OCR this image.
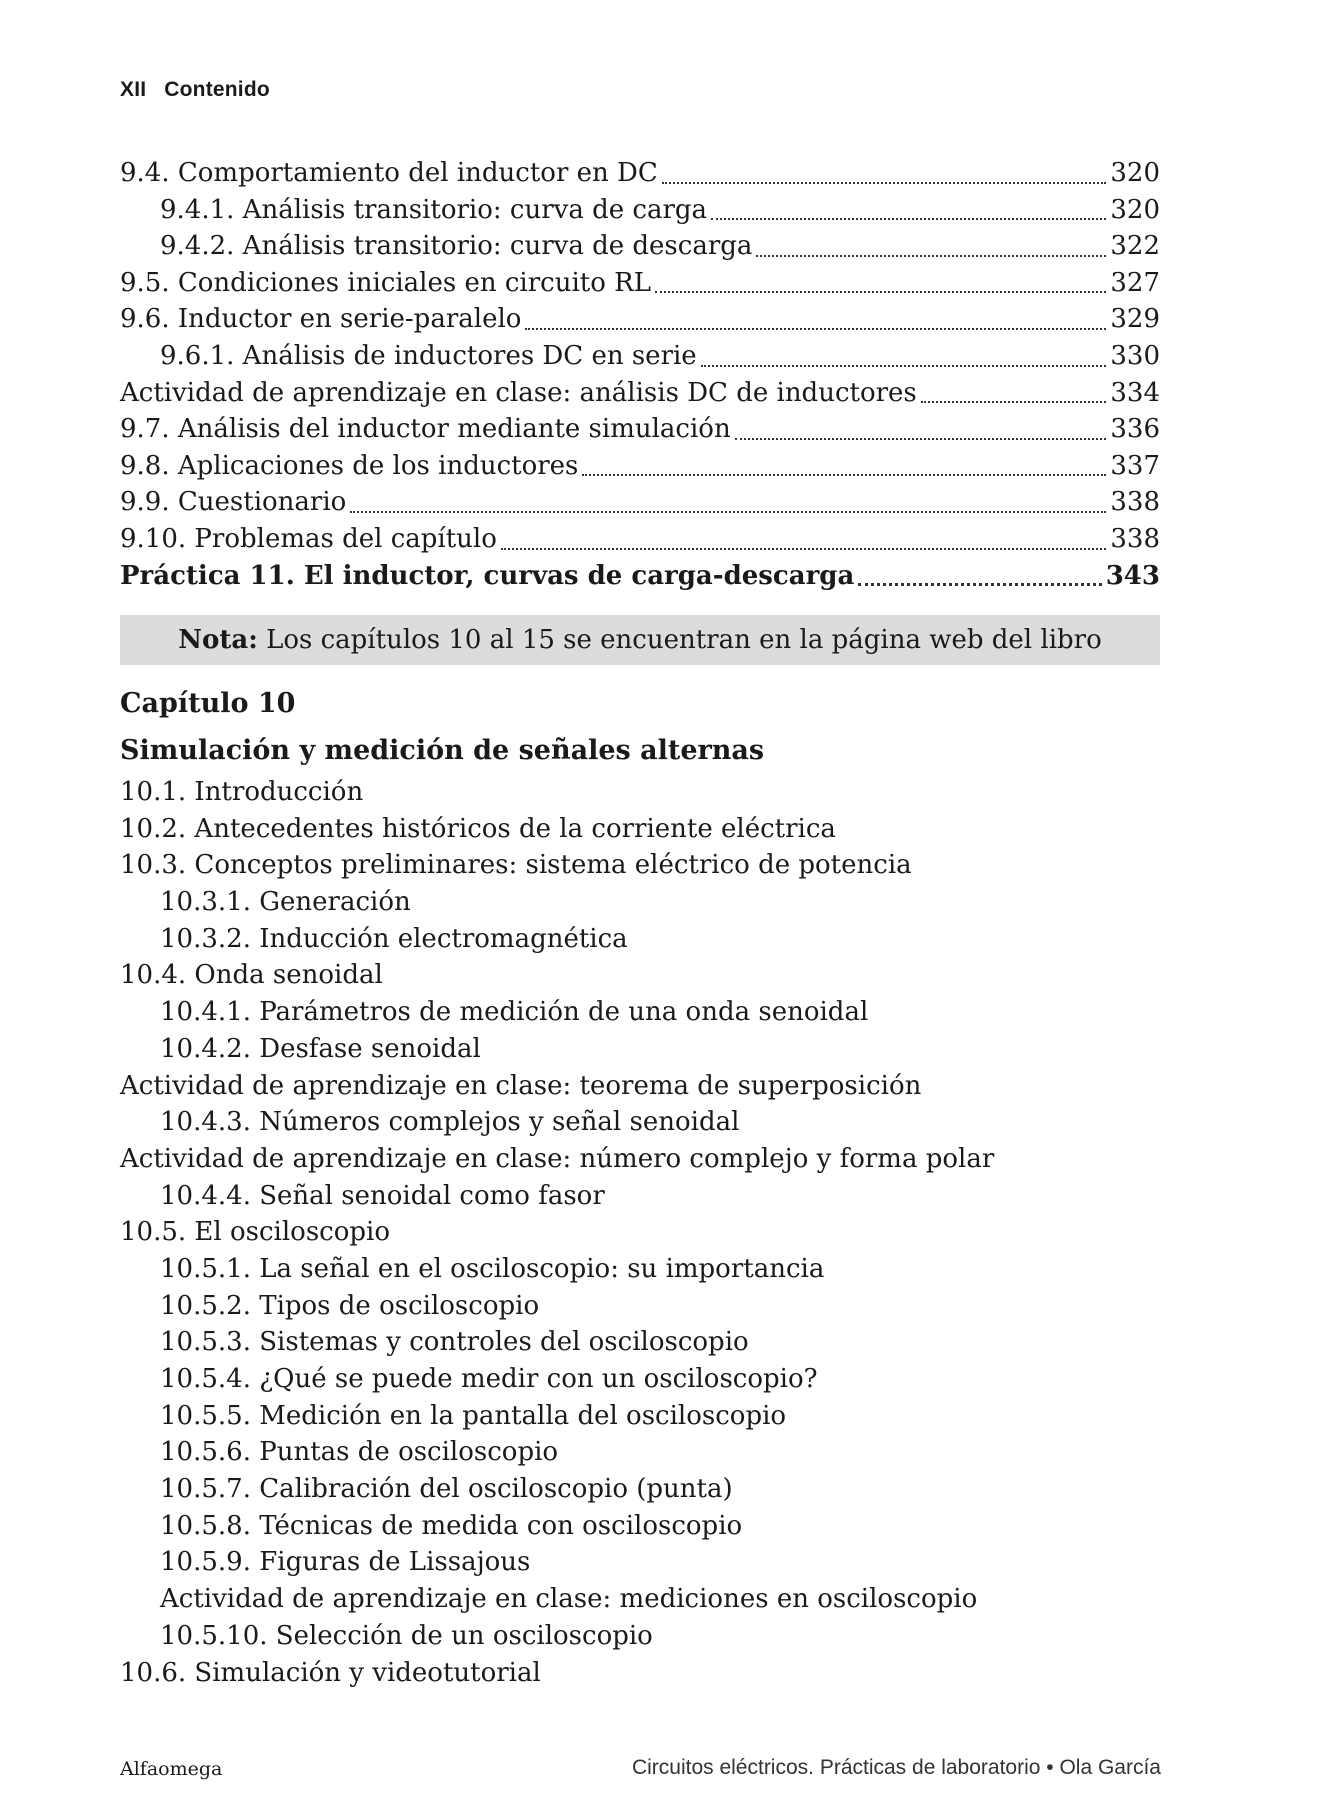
XII Contenido
9.4. Comportamiento del inductor en DC	320
9.4.1. Análisis transitorio: curva de carga	320
9.4.2. Análisis transitorio: curva de descarga	322
9.5. Condiciones iniciales en circuito RL	327
9.6. Inductor en serie-paralelo	329
9.6.1. Análisis de inductores DC en serie	330
Actividad de aprendizaje en clase: análisis DC de inductores	334
9.7. Análisis del inductor mediante simulación	336
9.8. Aplicaciones de los inductores	337
9.9. Cuestionario	338
9.10. Problemas del capítulo	338
Práctica 11. El inductor, curvas de carga-descarga	343
Nota: Los capítulos 10 al 15 se encuentran en la página web del libro
Capítulo 10
Simulación y medición de señales alternas
10.1. Introducción
10.2. Antecedentes históricos de la corriente eléctrica
10.3. Conceptos preliminares: sistema eléctrico de potencia
10.3.1. Generación
10.3.2. Inducción electromagnética
10.4. Onda senoidal
10.4.1. Parámetros de medición de una onda senoidal
10.4.2. Desfase senoidal
Actividad de aprendizaje en clase: teorema de superposición
10.4.3. Números complejos y señal senoidal
Actividad de aprendizaje en clase: número complejo y forma polar
10.4.4. Señal senoidal como fasor
10.5. El osciloscopio
10.5.1. La señal en el osciloscopio: su importancia
10.5.2. Tipos de osciloscopio
10.5.3. Sistemas y controles del osciloscopio
10.5.4. ¿Qué se puede medir con un osciloscopio?
10.5.5. Medición en la pantalla del osciloscopio
10.5.6. Puntas de osciloscopio
10.5.7. Calibración del osciloscopio (punta)
10.5.8. Técnicas de medida con osciloscopio
10.5.9. Figuras de Lissajous
Actividad de aprendizaje en clase: mediciones en osciloscopio
10.5.10. Selección de un osciloscopio
10.6. Simulación y videotutorial
Alfaomega	Circuitos eléctricos. Prácticas de laboratorio • Ola García
